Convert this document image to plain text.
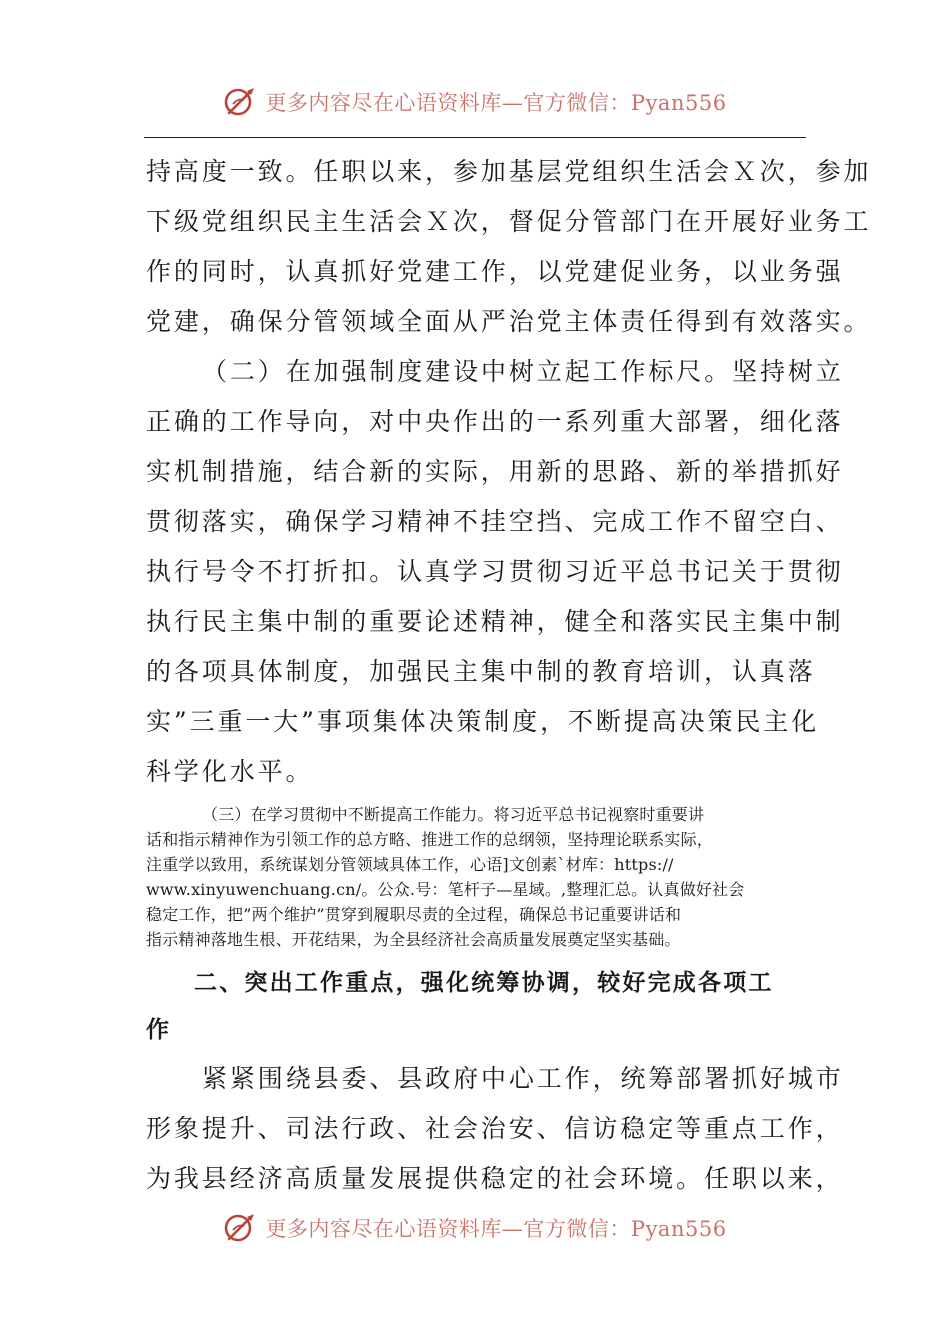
更多内容尽在心语资料库—官方微信：Pyan556

持高度一致。任职以来，参加基层党组织生活会Ｘ次，参加
下级党组织民主生活会Ｘ次，督促分管部门在开展好业务工
作的同时，认真抓好党建工作，以党建促业务，以业务强
党建，确保分管领域全面从严治党主体责任得到有效落实。

（二）在加强制度建设中树立起工作标尺。坚持树立
正确的工作导向，对中央作出的一系列重大部署，细化落
实机制措施，结合新的实际，用新的思路、新的举措抓好
贯彻落实，确保学习精神不挂空挡、完成工作不留空白、
执行号令不打折扣。认真学习贯彻习近平总书记关于贯彻
执行民主集中制的重要论述精神，健全和落实民主集中制
的各项具体制度，加强民主集中制的教育培训，认真落
实”三重一大”事项集体决策制度，不断提高决策民主化
科学化水平。

（三）在学习贯彻中不断提高工作能力。将习近平总书记视察时重要讲
话和指示精神作为引领工作的总方略、推进工作的总纲领，坚持理论联系实际，
注重学以致用，系统谋划分管领域具体工作，心语]文创素`材库：https://
www.xinyuwenchuang.cn/。公众.号：笔杆子—星域。,整理汇总。认真做好社会
稳定工作，把”两个维护”贯穿到履职尽责的全过程，确保总书记重要讲话和
指示精神落地生根、开花结果，为全县经济社会高质量发展奠定坚实基础。

二、突出工作重点，强化统筹协调，较好完成各项工
作

紧紧围绕县委、县政府中心工作，统筹部署抓好城市
形象提升、司法行政、社会治安、信访稳定等重点工作，
为我县经济高质量发展提供稳定的社会环境。任职以来，

更多内容尽在心语资料库—官方微信：Pyan556
